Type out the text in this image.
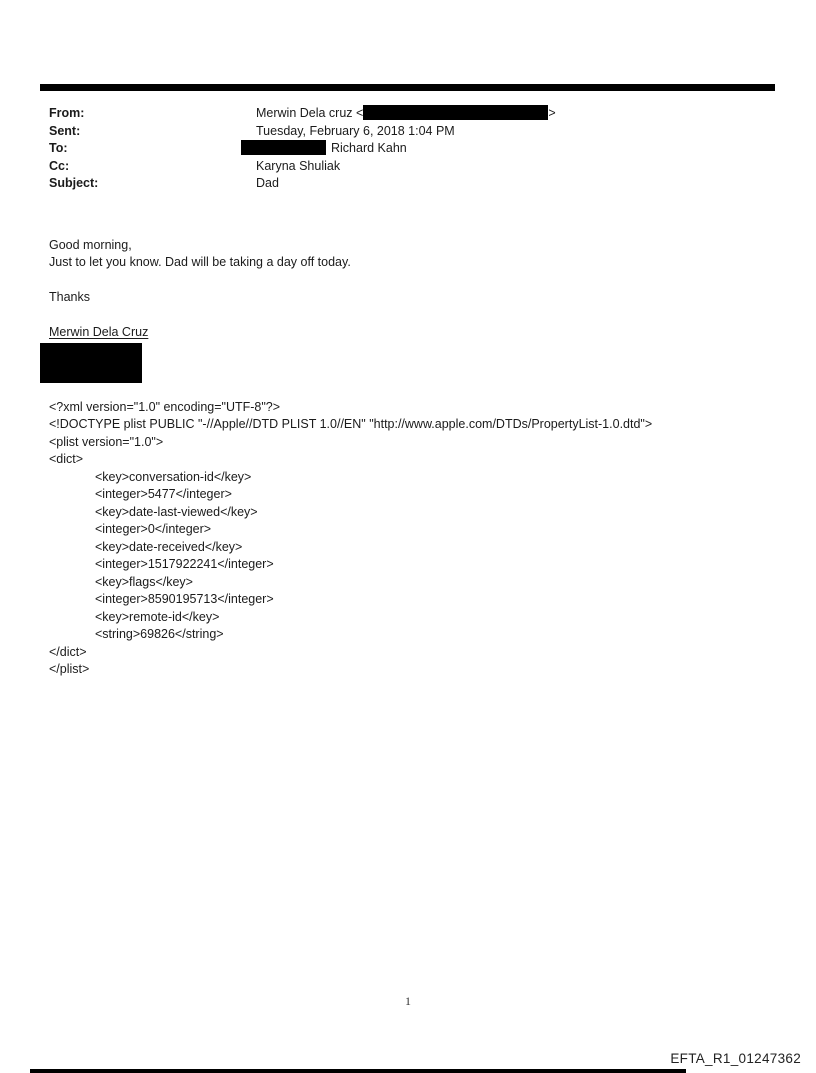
From:	Merwin Dela cruz <	>
Sent:	Tuesday, February 6, 2018 1:04 PM
To:	Richard Kahn
Cc:	Karyna Shuliak
Subject:	Dad
Good morning,
Just to let you know. Dad will be taking a day off today.
Thanks
Merwin Dela Cruz
<?xml version="1.0" encoding="UTF-8"?>
<!DOCTYPE plist PUBLIC "-//Apple//DTD PLIST 1.0//EN" "http://www.apple.com/DTDs/PropertyList-1.0.dtd">
<plist version="1.0">
<dict>
<key>conversation-id</key>
<integer>5477</integer>
<key>date-last-viewed</key>
<integer>0</integer>
<key>date-received</key>
<integer>1517922241</integer>
<key>flags</key>
<integer>8590195713</integer>
<key>remote-id</key>
<string>69826</string>
</dict>
</plist>
1
EFTA_R1_01247362
